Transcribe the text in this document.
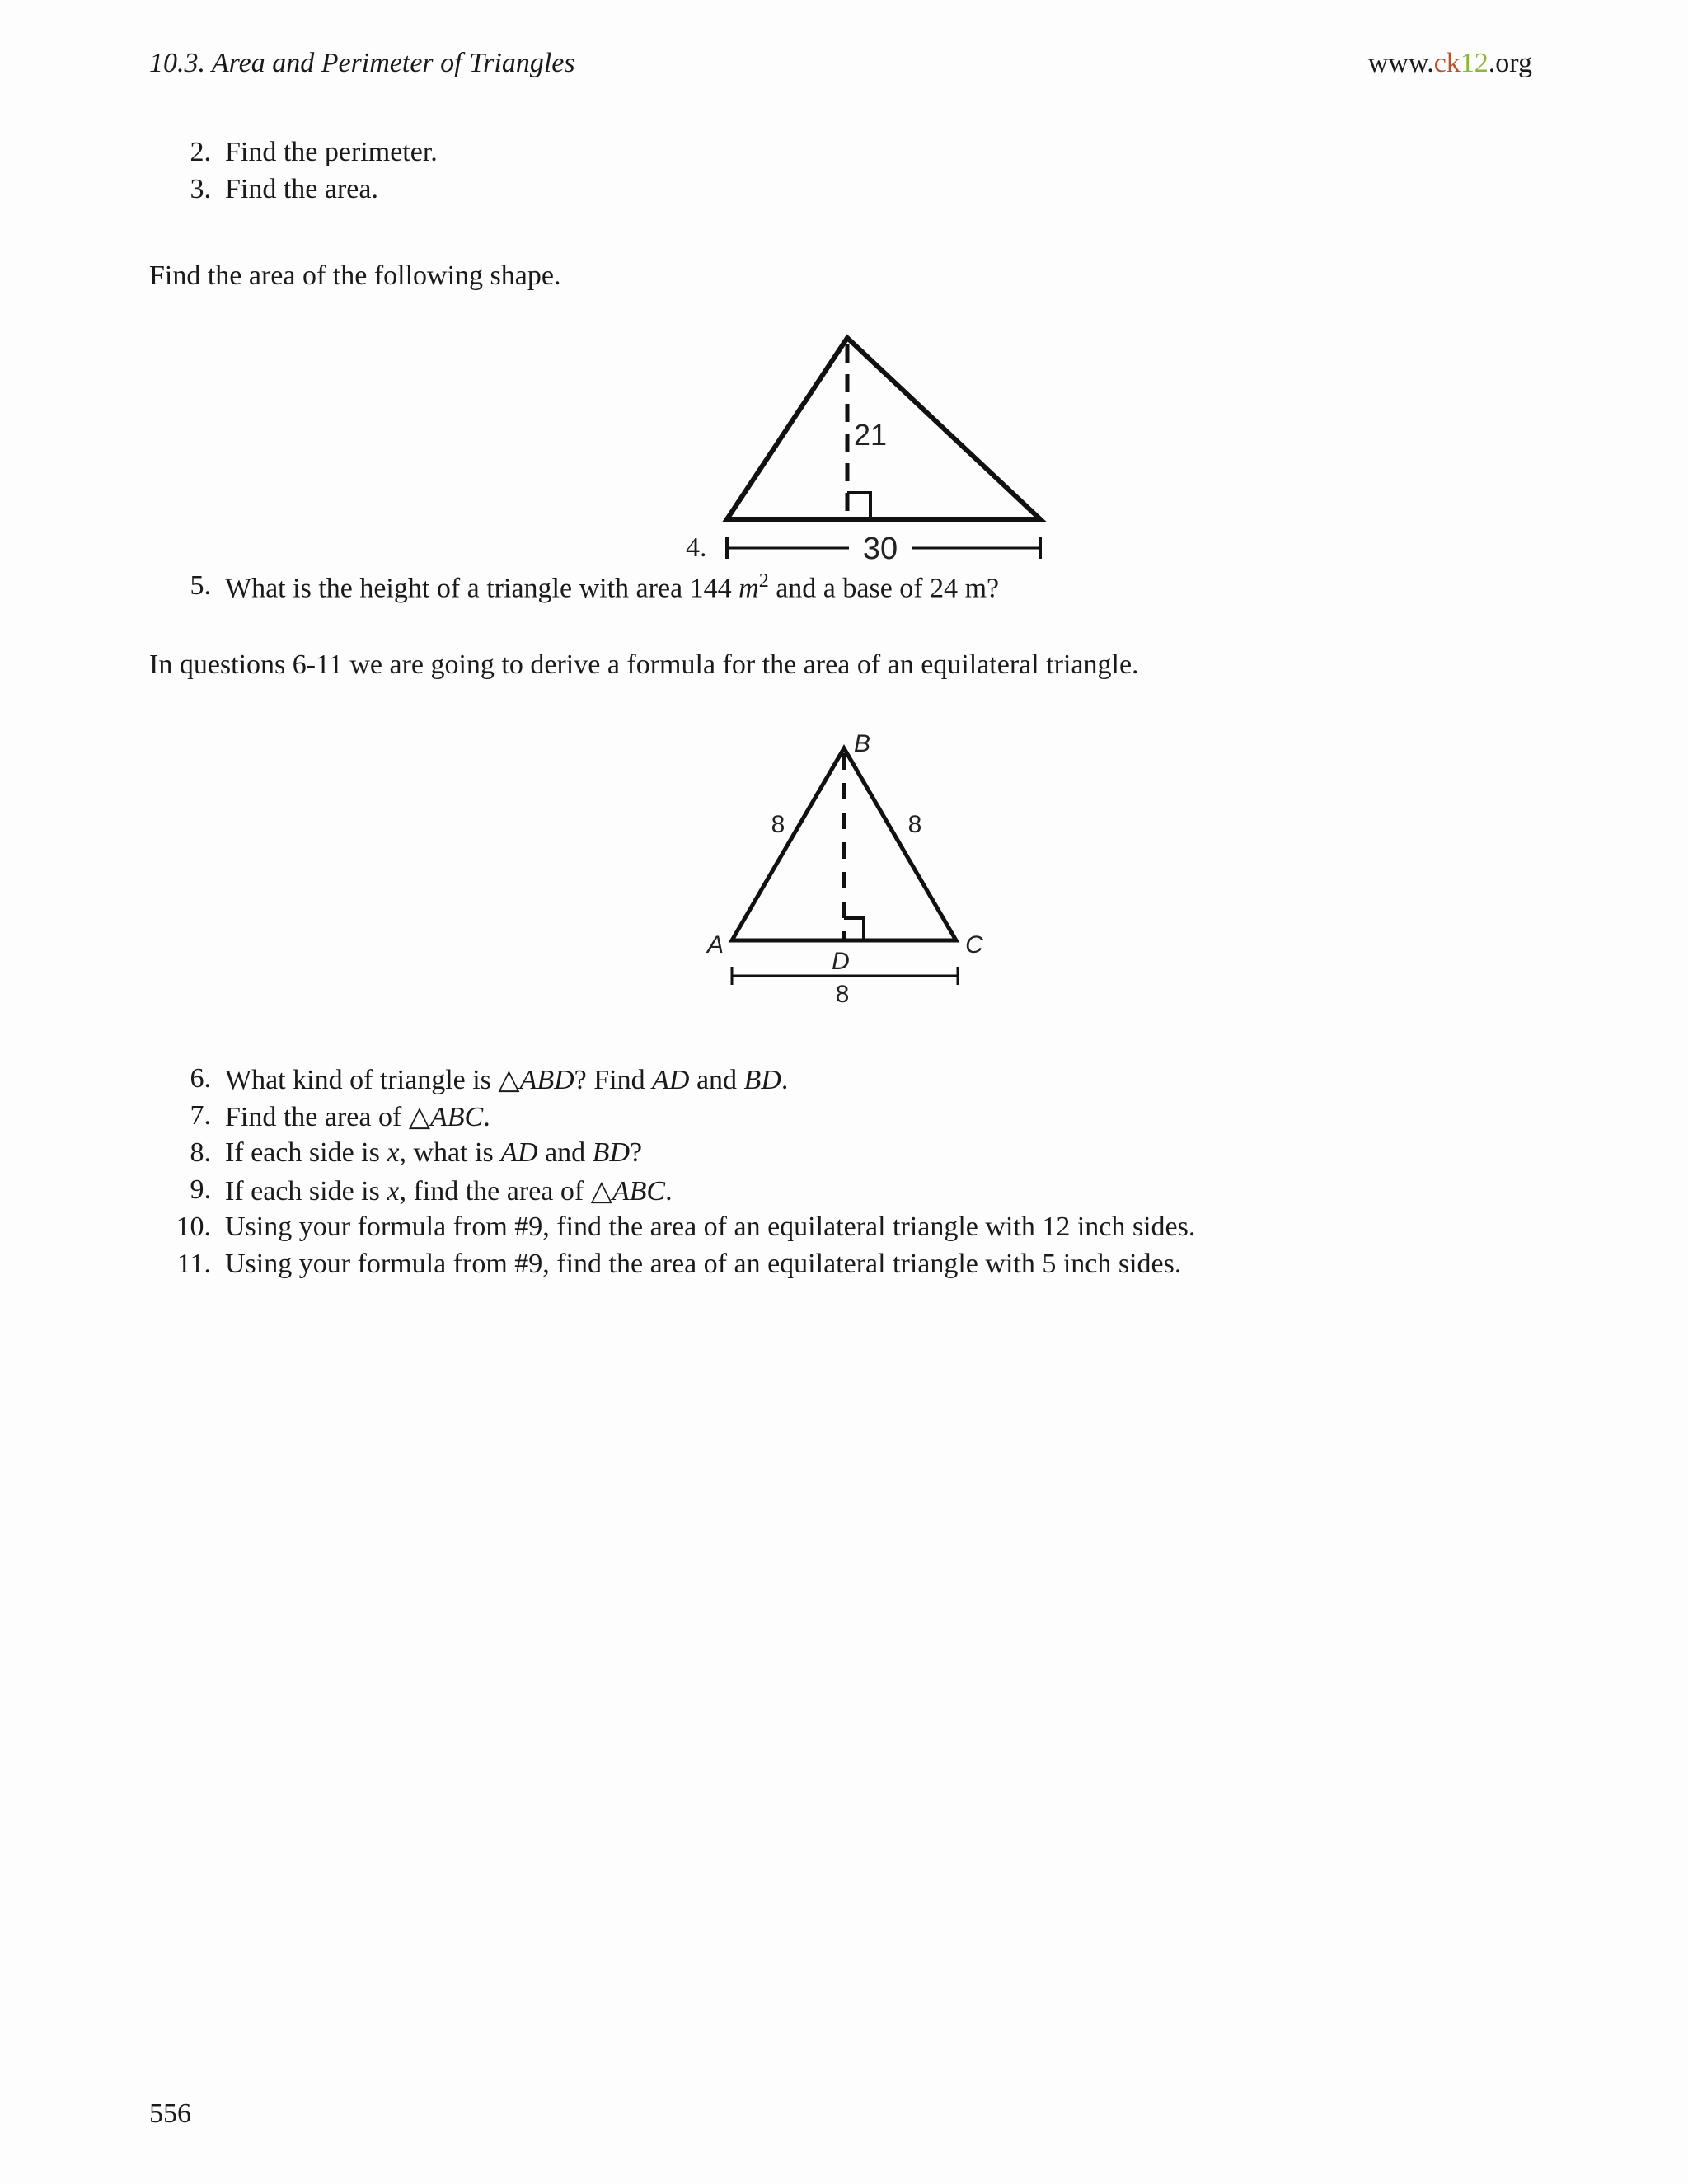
10.3. Area and Perimeter of Triangles	www.ck12.org
2. Find the perimeter.
3. Find the area.
Find the area of the following shape.
21
30
4.
5. What is the height of a triangle with area 144 $m^2$ and a base of 24 m?
In questions 6-11 we are going to derive a formula for the area of an equilateral triangle.
B
A	C
D
8	8
8
6. What kind of triangle is △ABD? Find AD and BD.
7. Find the area of △ABC.
8. If each side is x, what is AD and BD?
9. If each side is x, find the area of △ABC.
10. Using your formula from #9, find the area of an equilateral triangle with 12 inch sides.
11. Using your formula from #9, find the area of an equilateral triangle with 5 inch sides.
556
